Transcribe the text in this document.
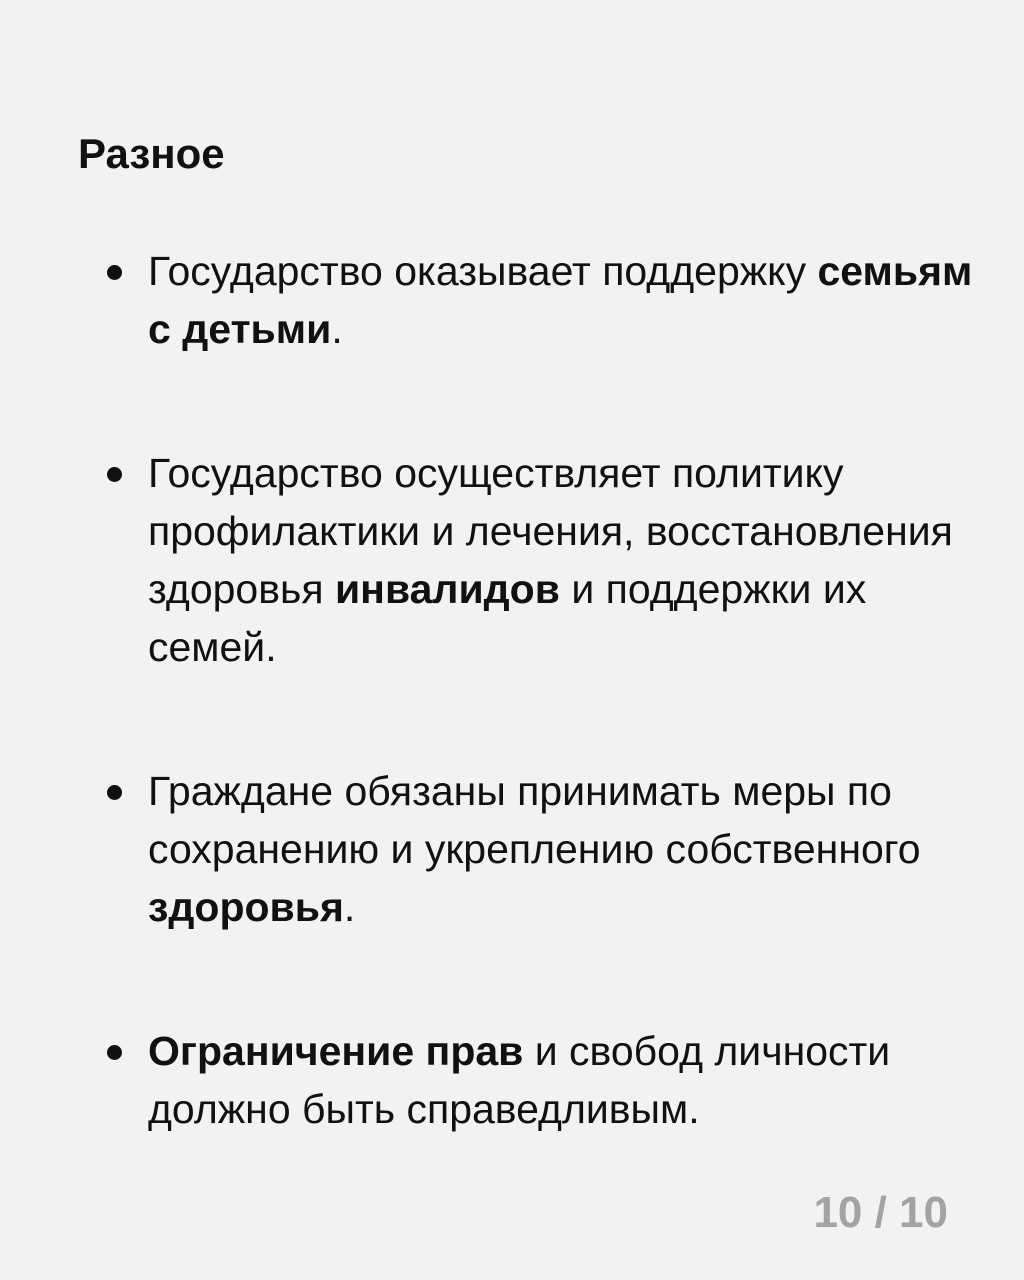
Разное
Государство оказывает поддержку семьям с детьми.
Государство осуществляет политику профилактики и лечения, восстановления здоровья инвалидов и поддержки их семей.
Граждане обязаны принимать меры по сохранению и укреплению собственного здоровья.
Ограничение прав и свобод личности должно быть справедливым.
10 / 10
